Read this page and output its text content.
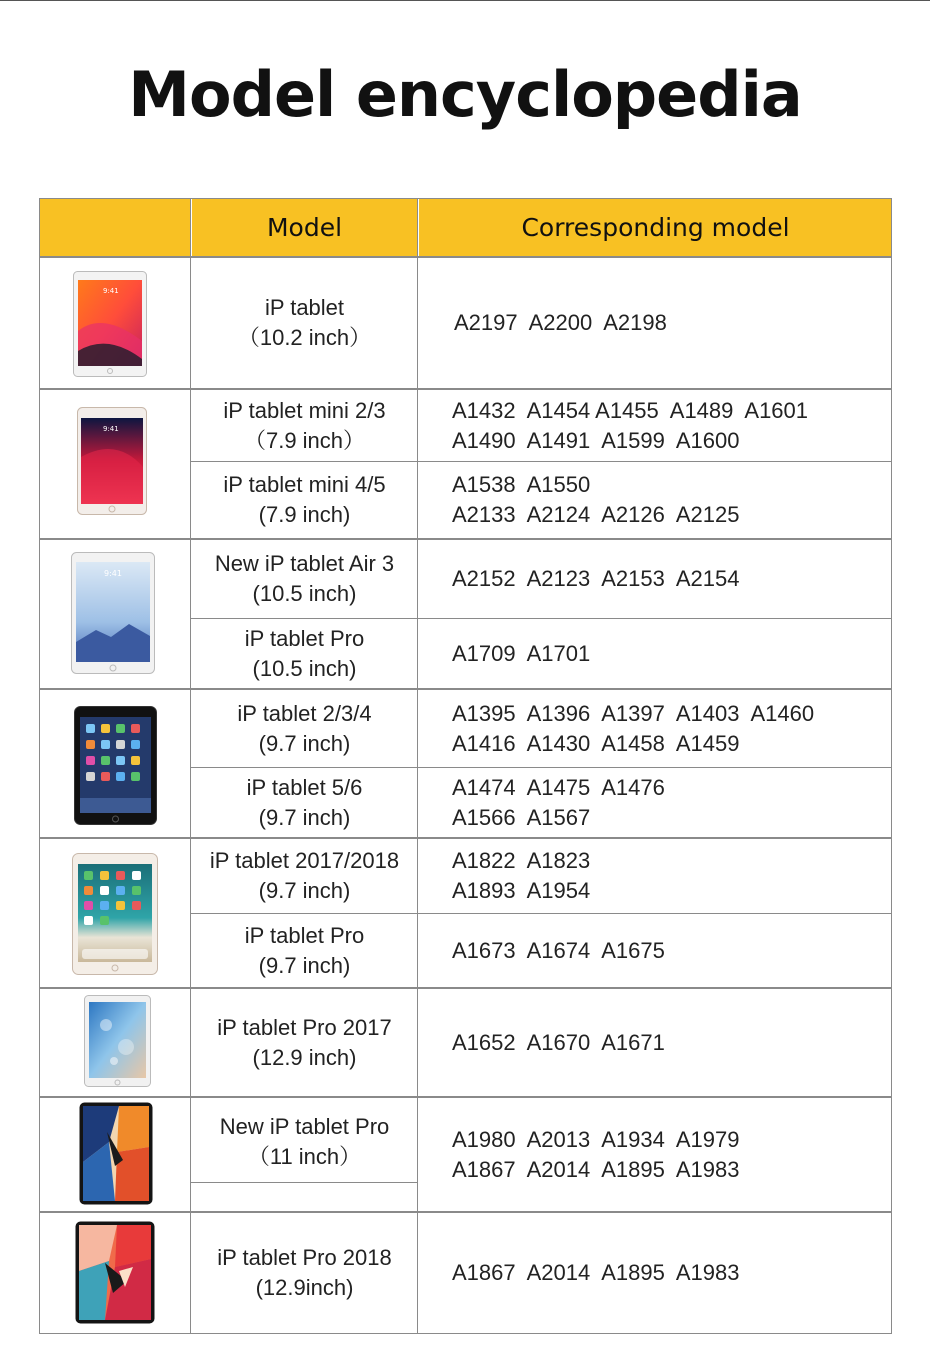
Model encyclopedia
Model	Corresponding model
iP tablet
（10.2 inch）
A2197  A2200  A2198
iP tablet mini 2/3
（7.9 inch）
A1432  A1454 A1455  A1489  A1601
A1490  A1491  A1599  A1600
iP tablet mini 4/5
(7.9 inch)
A1538  A1550
A2133  A2124  A2126  A2125
New iP tablet Air 3
(10.5 inch)
A2152  A2123  A2153  A2154
iP tablet Pro
(10.5 inch)
A1709  A1701
iP tablet 2/3/4
(9.7 inch)
A1395  A1396  A1397  A1403  A1460
A1416  A1430  A1458  A1459
iP tablet 5/6
(9.7 inch)
A1474  A1475  A1476
A1566  A1567
iP tablet 2017/2018
(9.7 inch)
A1822  A1823
A1893  A1954
iP tablet Pro
(9.7 inch)
A1673  A1674  A1675
iP tablet Pro 2017
(12.9 inch)
A1652  A1670  A1671
New iP tablet Pro
（11 inch）
A1980  A2013  A1934  A1979
A1867  A2014  A1895  A1983
iP tablet Pro 2018
(12.9inch)
A1867  A2014  A1895  A1983
9:41
9:41
9:41
